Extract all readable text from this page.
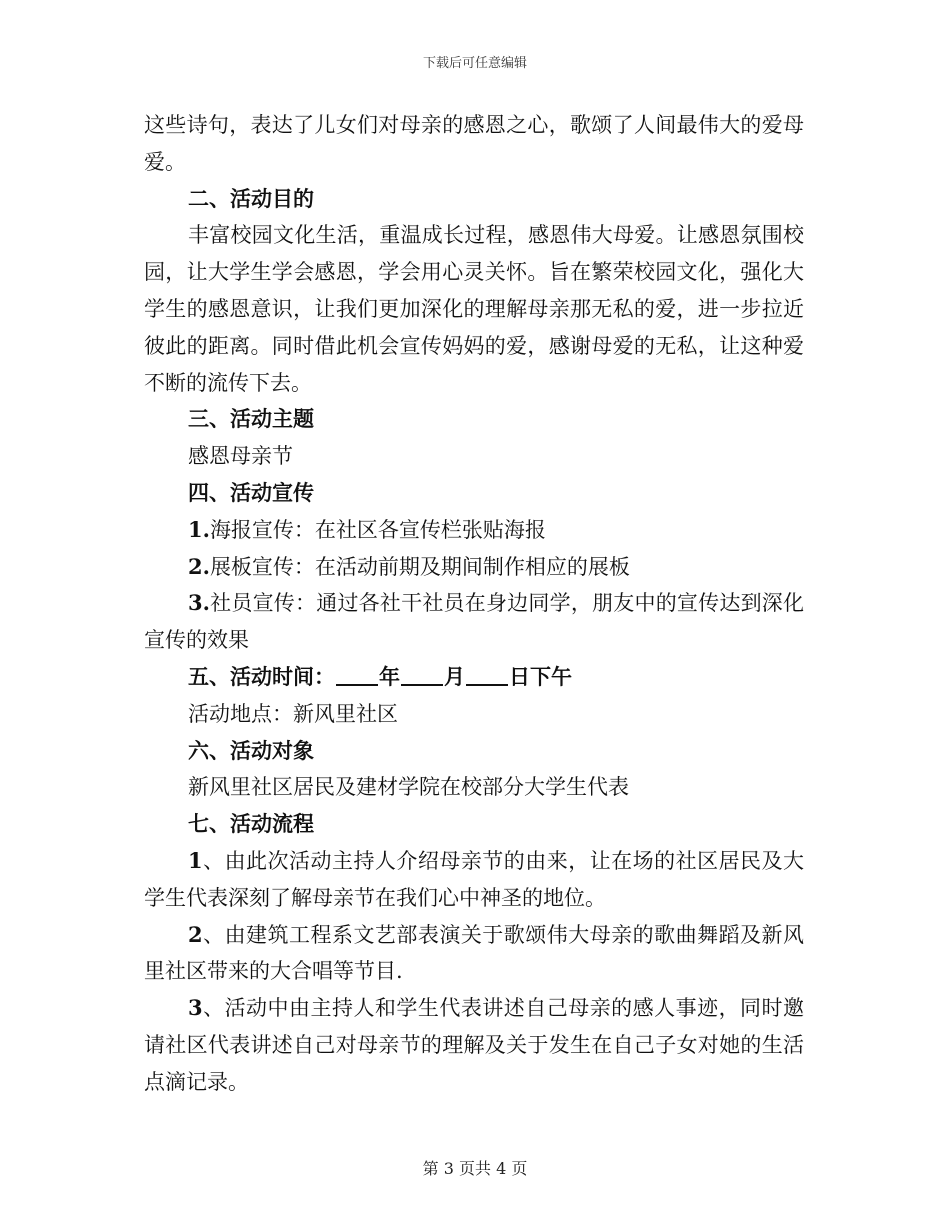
下载后可任意编辑

这些诗句，表达了儿女们对母亲的感恩之心，歌颂了人间最伟大的爱母爱。

二、活动目的

丰富校园文化生活，重温成长过程，感恩伟大母爱。让感恩氛围校园，让大学生学会感恩，学会用心灵关怀。旨在繁荣校园文化，强化大学生的感恩意识，让我们更加深化的理解母亲那无私的爱，进一步拉近彼此的距离。同时借此机会宣传妈妈的爱，感谢母爱的无私，让这种爱不断的流传下去。

三、活动主题

感恩母亲节

四、活动宣传

1.海报宣传：在社区各宣传栏张贴海报

2.展板宣传：在活动前期及期间制作相应的展板

3.社员宣传：通过各社干社员在身边同学，朋友中的宣传达到深化宣传的效果

五、活动时间： 年 月 日下午

活动地点：新风里社区

六、活动对象

新风里社区居民及建材学院在校部分大学生代表

七、活动流程

1、由此次活动主持人介绍母亲节的由来，让在场的社区居民及大学生代表深刻了解母亲节在我们心中神圣的地位。

2、由建筑工程系文艺部表演关于歌颂伟大母亲的歌曲舞蹈及新风里社区带来的大合唱等节目.

3、活动中由主持人和学生代表讲述自己母亲的感人事迹，同时邀请社区代表讲述自己对母亲节的理解及关于发生在自己子女对她的生活点滴记录。

第 3 页共 4 页
